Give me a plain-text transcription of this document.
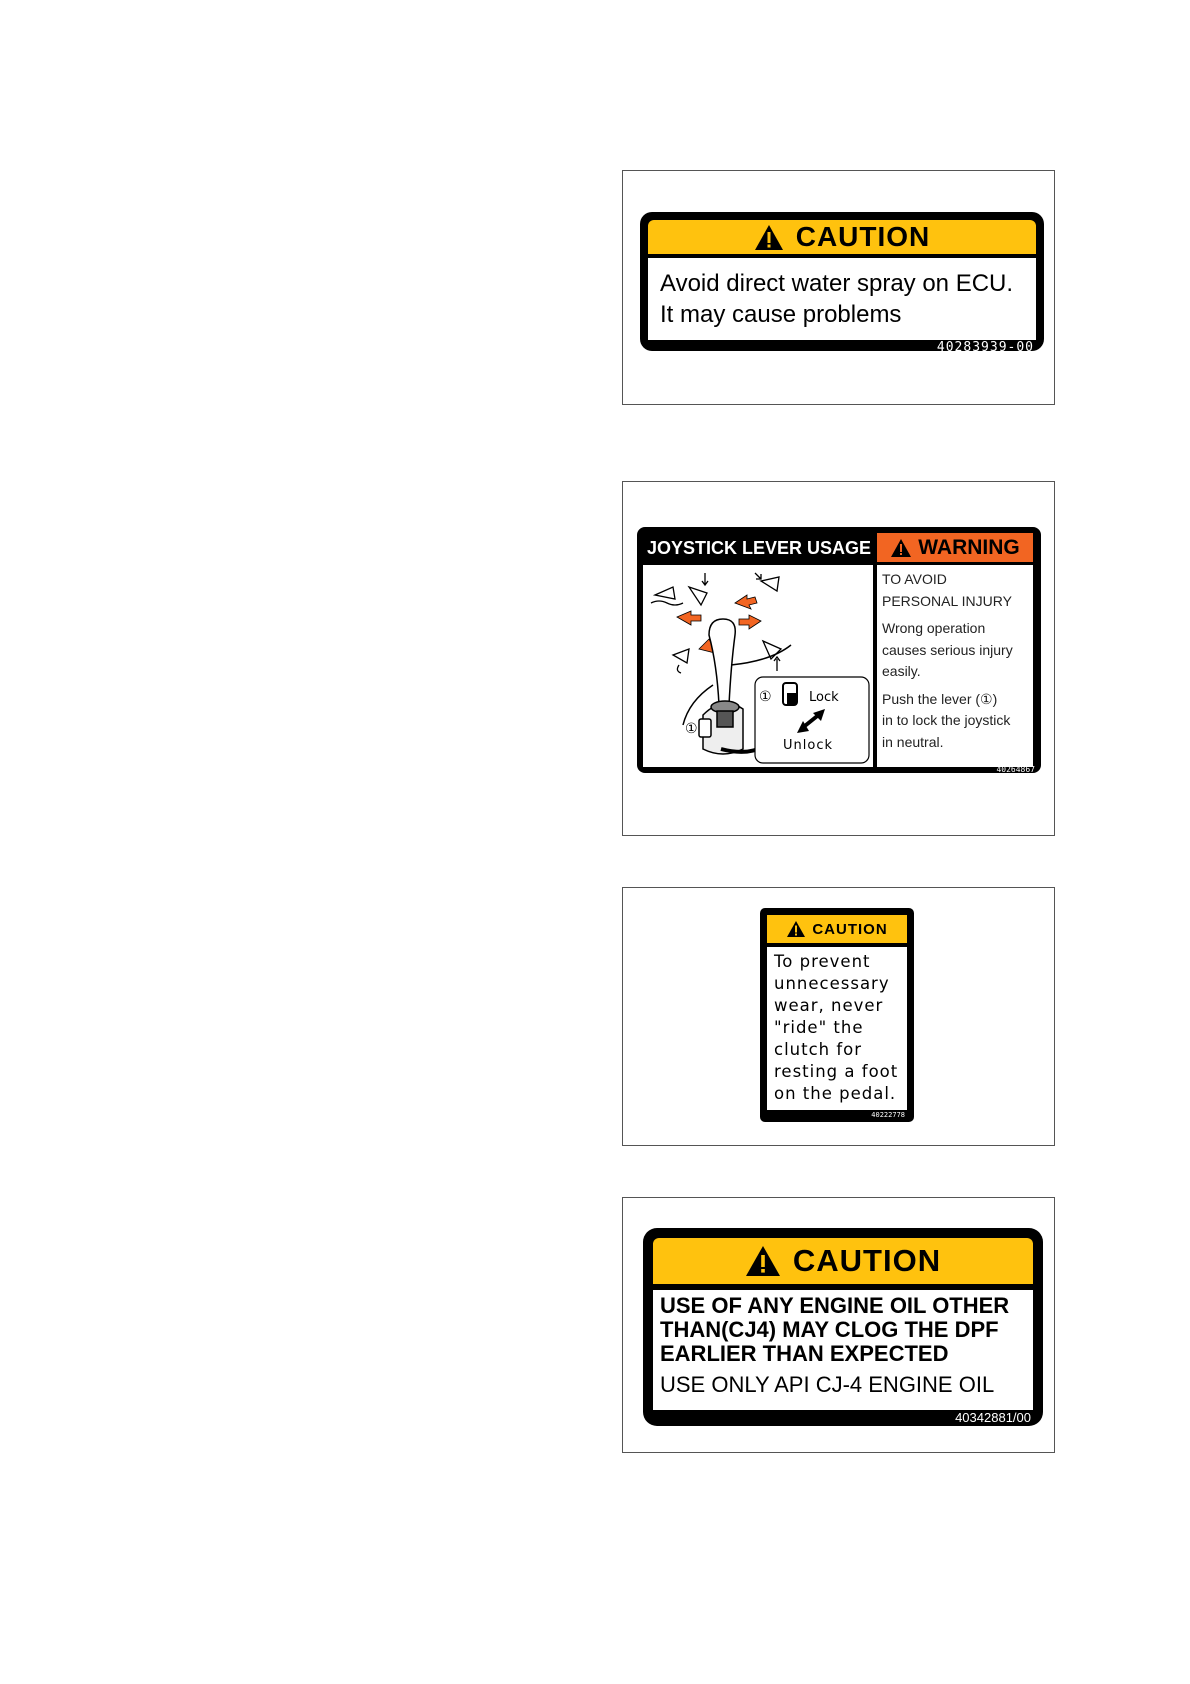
CAUTION
Avoid direct water spray on ECU.
It may cause problems
40283939-00
JOYSTICK LEVER USAGE	WARNING
①
①	Lock
Unlock

TO AVOID
PERSONAL INJURY

Wrong operation
causes serious injury
easily.

Push the lever (①)
in to lock the joystick
in neutral.

40264867
CAUTION
To prevent
unnecessary
wear, never
"ride" the
clutch for
resting a foot
on the pedal.
40222778
CAUTION
USE OF ANY ENGINE OIL OTHER
THAN(CJ4) MAY CLOG THE DPF
EARLIER THAN EXPECTED
USE ONLY API CJ-4 ENGINE OIL
40342881/00
